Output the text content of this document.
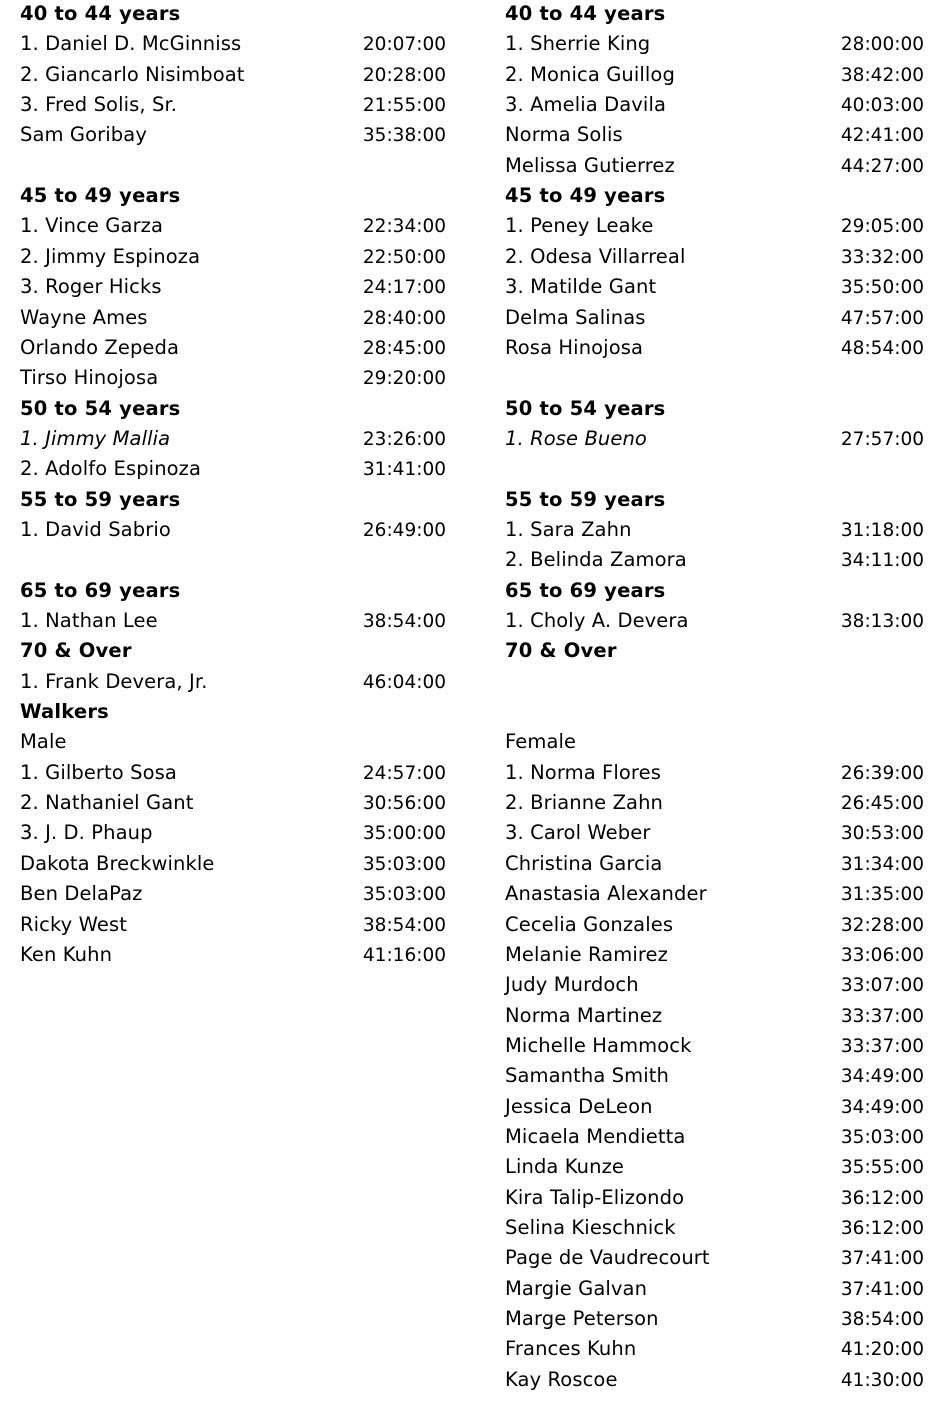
40 to 44 years
1. Daniel D. McGinniss	20:07:00
2. Giancarlo Nisimboat	20:28:00
3. Fred Solis, Sr.	21:55:00
Sam Goribay	35:38:00
45 to 49 years
1. Vince Garza	22:34:00
2. Jimmy Espinoza	22:50:00
3. Roger Hicks	24:17:00
Wayne Ames	28:40:00
Orlando Zepeda	28:45:00
Tirso Hinojosa	29:20:00
50 to 54 years
1. Jimmy Mallia	23:26:00
2. Adolfo Espinoza	31:41:00
55 to 59 years
1. David Sabrio	26:49:00
65 to 69 years
1. Nathan Lee	38:54:00
70 & Over
1. Frank Devera, Jr.	46:04:00
Walkers
Male
1. Gilberto Sosa	24:57:00
2. Nathaniel Gant	30:56:00
3. J. D. Phaup	35:00:00
Dakota Breckwinkle	35:03:00
Ben DelaPaz	35:03:00
Ricky West	38:54:00
Ken Kuhn	41:16:00
40 to 44 years
1. Sherrie King	28:00:00
2. Monica Guillog	38:42:00
3. Amelia Davila	40:03:00
Norma Solis	42:41:00
Melissa Gutierrez	44:27:00
45 to 49 years
1. Peney Leake	29:05:00
2. Odesa Villarreal	33:32:00
3. Matilde Gant	35:50:00
Delma Salinas	47:57:00
Rosa Hinojosa	48:54:00
50 to 54 years
1. Rose Bueno	27:57:00
55 to 59 years
1. Sara Zahn	31:18:00
2. Belinda Zamora	34:11:00
65 to 69 years
1. Choly A. Devera	38:13:00
70 & Over
Female
1. Norma Flores	26:39:00
2. Brianne Zahn	26:45:00
3. Carol Weber	30:53:00
Christina Garcia	31:34:00
Anastasia Alexander	31:35:00
Cecelia Gonzales	32:28:00
Melanie Ramirez	33:06:00
Judy Murdoch	33:07:00
Norma Martinez	33:37:00
Michelle Hammock	33:37:00
Samantha Smith	34:49:00
Jessica DeLeon	34:49:00
Micaela Mendietta	35:03:00
Linda Kunze	35:55:00
Kira Talip-Elizondo	36:12:00
Selina Kieschnick	36:12:00
Page de Vaudrecourt	37:41:00
Margie Galvan	37:41:00
Marge Peterson	38:54:00
Frances Kuhn	41:20:00
Kay Roscoe	41:30:00
